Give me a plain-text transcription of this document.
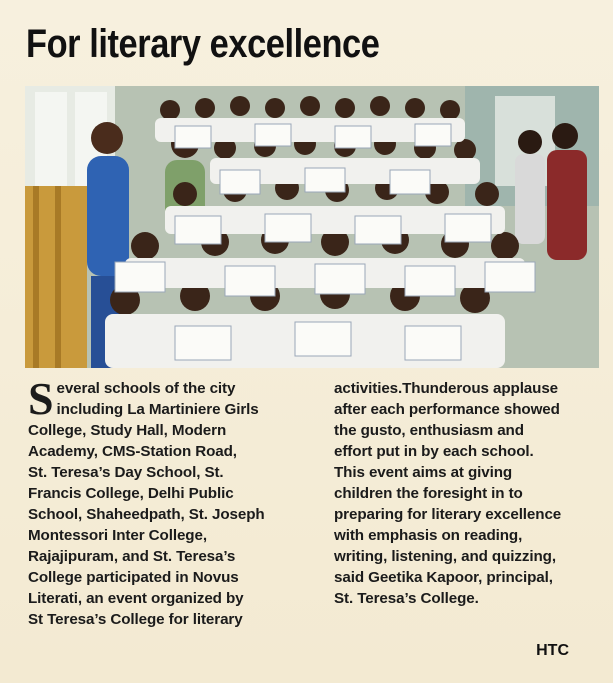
For literary excellence
S everal schools of the city
including La Martiniere Girls
College, Study Hall, Modern
Academy, CMS-Station Road,
St. Teresa’s Day School, St.
Francis College, Delhi Public
School, Shaheedpath, St. Joseph
Montessori Inter College,
Rajajipuram, and St. Teresa’s
College participated in Novus
Literati, an event organized by
St Teresa’s College for literary
activities.Thunderous applause
after each performance showed
the gusto, enthusiasm and
effort put in by each school.
This event aims at giving
children the foresight in to
preparing for literary excellence
with emphasis on reading,
writing, listening, and quizzing,
said Geetika Kapoor, principal,
St. Teresa’s College.
HTC
